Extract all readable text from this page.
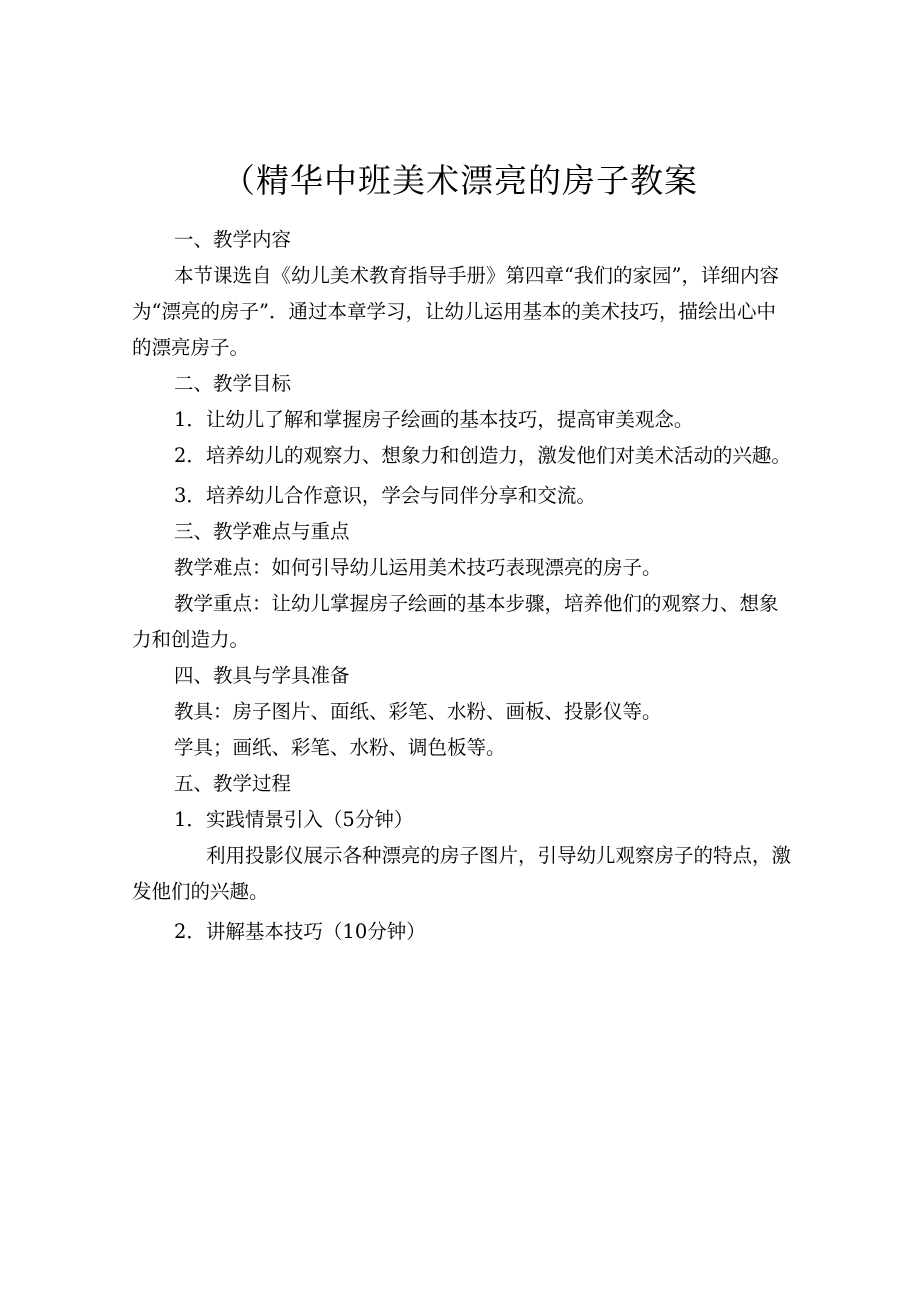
（精华中班美术漂亮的房子教案

一、教学内容

本节课选自《幼儿美术教育指导手册》第四章“我们的家园”，详细内容为“漂亮的房子”．通过本章学习，让幼儿运用基本的美术技巧，描绘出心中的漂亮房子。

二、教学目标

1．让幼儿了解和掌握房子绘画的基本技巧，提高审美观念。

2．培养幼儿的观察力、想象力和创造力，激发他们对美术活动的兴趣。

3．培养幼儿合作意识，学会与同伴分享和交流。

三、教学难点与重点

教学难点：如何引导幼儿运用美术技巧表现漂亮的房子。

教学重点：让幼儿掌握房子绘画的基本步骤，培养他们的观察力、想象力和创造力。

四、教具与学具准备

教具：房子图片、面纸、彩笔、水粉、画板、投影仪等。

学具；画纸、彩笔、水粉、调色板等。

五、教学过程

1．实践情景引入（5分钟）

利用投影仪展示各种漂亮的房子图片，引导幼儿观察房子的特点，激发他们的兴趣。

2．讲解基本技巧（10分钟）
